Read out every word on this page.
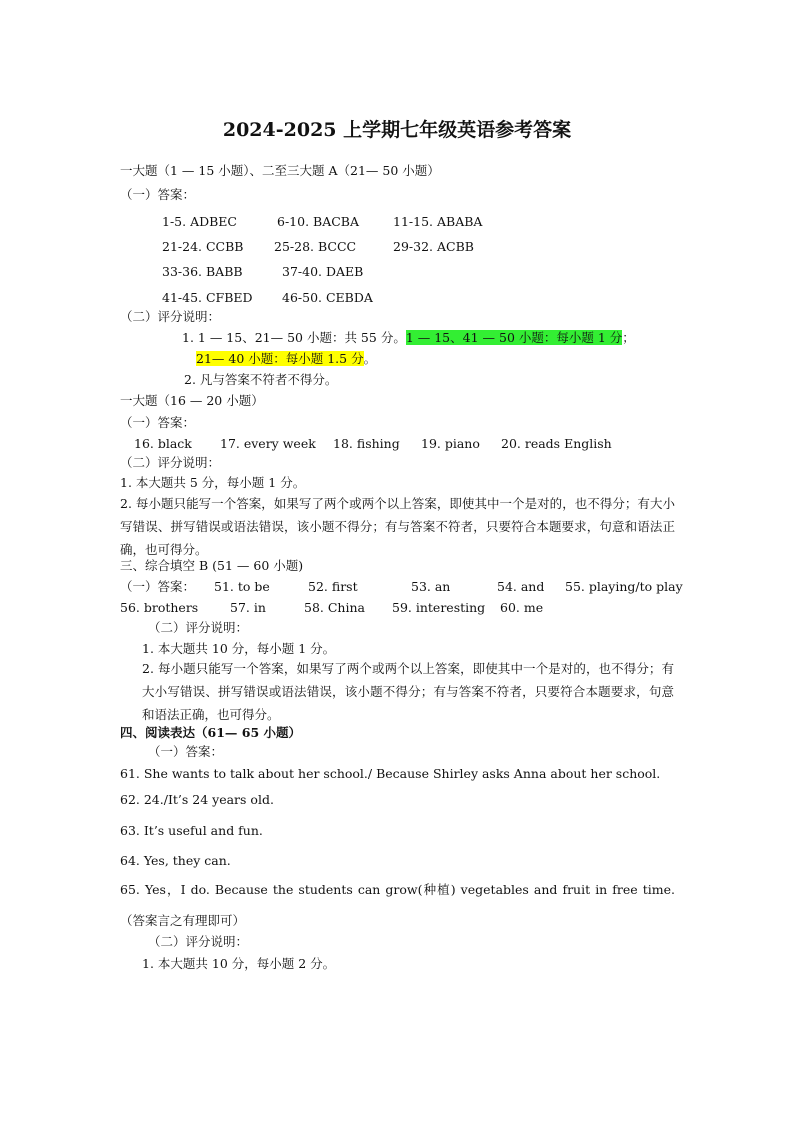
2024-2025 上学期七年级英语参考答案
一大题（1 — 15 小题）、二至三大题 A（21— 50 小题）
（一）答案：
1-5. ADBEC	6-10. BACBA	11-15. ABABA
21-24. CCBB 25-28. BCCC	29-32. ACBB
33-36. BABB	37-40. DAEB
41-45. CFBED 46-50. CEBDA
（二）评分说明：
1. 1 — 15、21— 50 小题：共 55 分。1 — 15、41 — 50 小题：每小题 1 分；
21— 40 小题：每小题 1.5 分。
2. 凡与答案不符者不得分。
一大题（16 — 20 小题）
（一）答案：
16. black 17. every week 18. fishing 19. piano 20. reads English
（二）评分说明：
1. 本大题共 5 分，每小题 1 分。
2. 每小题只能写一个答案，如果写了两个或两个以上答案，即使其中一个是对的，也不得分；有大小写错误、拼写错误或语法错误，该小题不得分；有与答案不符者，只要符合本题要求，句意和语法正确，也可得分。
三、综合填空 B (51 — 60 小题)
（一）答案： 51. to be	52. first	53. an	54. and 55. playing/to play
56. brothers	57. in	58. China 59. interesting 60. me
（二）评分说明：
1. 本大题共 10 分，每小题 1 分。
2. 每小题只能写一个答案，如果写了两个或两个以上答案，即使其中一个是对的，也不得分；有大小写错误、拼写错误或语法错误，该小题不得分；有与答案不符者，只要符合本题要求，句意和语法正确，也可得分。
四、阅读表达（61— 65 小题）
（一）答案：
61. She wants to talk about her school./ Because Shirley asks Anna about her school.
62. 24./It’s 24 years old.
63. It’s useful and fun.
64. Yes, they can.
65. Yes，I do. Because the students can grow(种植) vegetables and fruit in free time.（答案言之有理即可）
（二）评分说明：
1. 本大题共 10 分，每小题 2 分。
